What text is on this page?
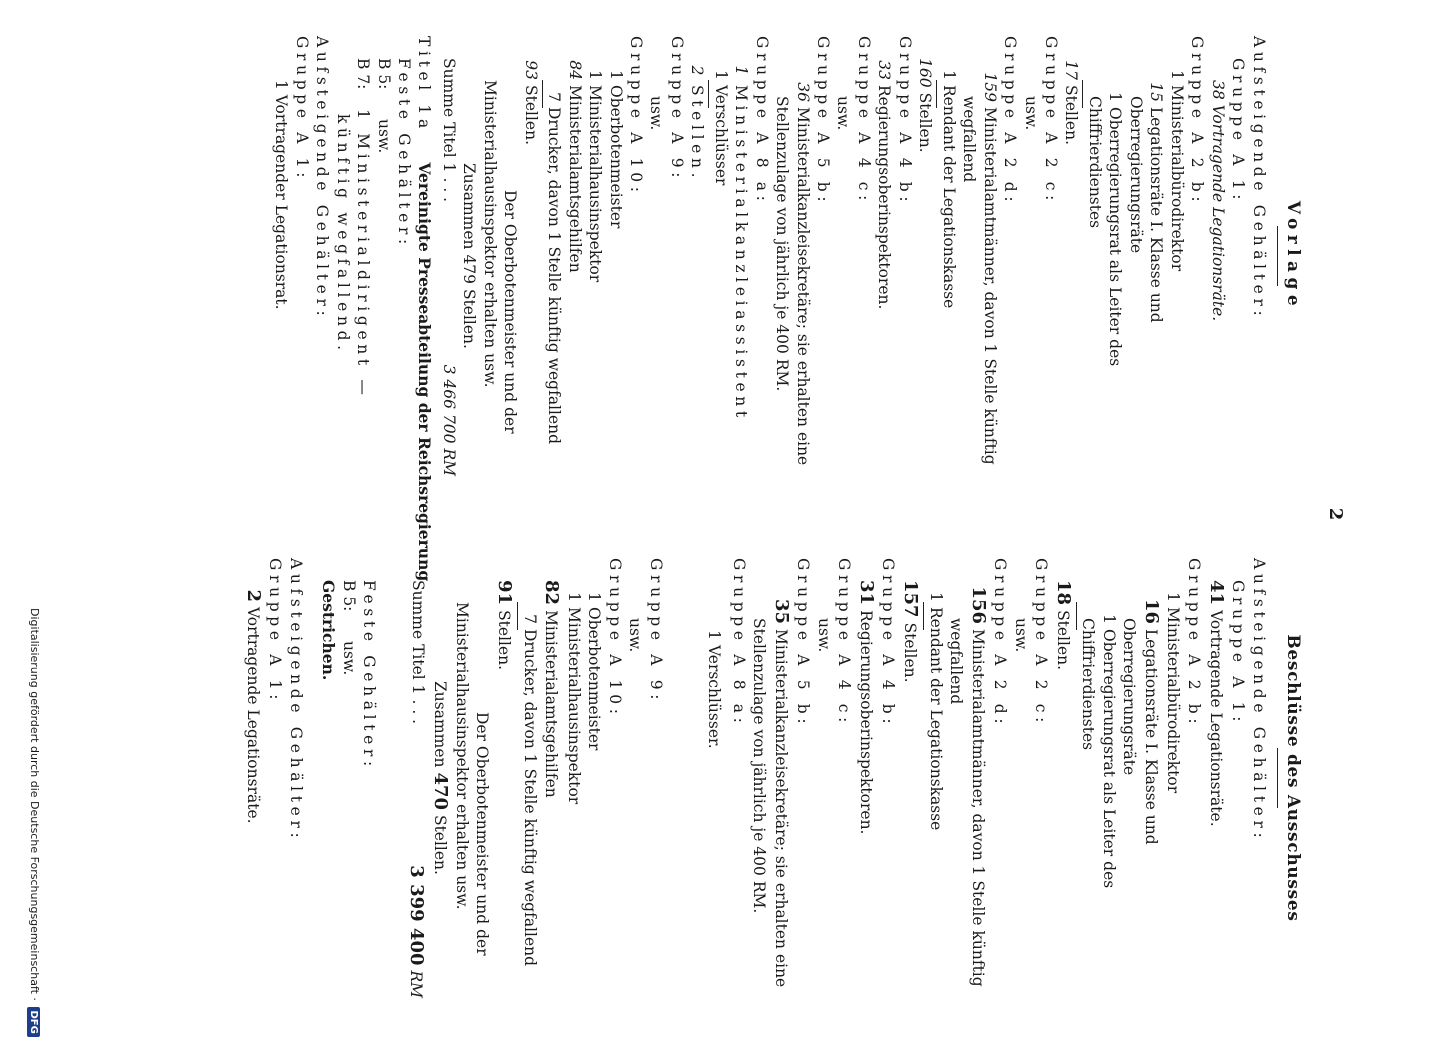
2
Vorlage
Aufsteigende Gehälter:
Gruppe A 1:
38 Vortragende Legationsräte.
Gruppe A 2 b:
1Ministerialbürodirektor
15Legationsräte I. Klasse und Oberregierungsräte
1Oberregierungsrat als Leiter des Chiffrierdienstes
17Stellen.
Gruppe A 2 c:
usw.
Gruppe A 2 d:
159Ministerialamtmänner, davon 1 Stelle künftig wegfallend
1Rendant der Legationskasse
160Stellen.
Gruppe A 4 b:
33Regierungsoberinspektoren.
Gruppe A 4 c:
usw.
Gruppe A 5 b:
36Ministerialkanzleisekretäre; sie erhalten eine Stellenzulage von jährlich je 400 RM.
Gruppe A 8 a:
1Ministerialkanzleiassistent
1Verschlüsser
2Stellen.
Gruppe A 9:
usw.
Gruppe A 10:
1Oberbotenmeister
1Ministerialhausinspektor
84Ministerialamtsgehilfen
7Drucker, davon 1 Stelle künftig wegfallend
93Stellen.
Der Oberbotenmeister und der Ministerialhausinspektor erhalten usw.
Zusammen 479 Stellen.
Summe Titel 1 . . .
3 466 700 RM
Titel 1a      Vereinigte Presseabteilung der Reichsregierung
Feste Gehälter:
B 5:      usw.
B 7:    1 Ministerialdirigent — künftig wegfallend.
Aufsteigende Gehälter:
Gruppe A 1:
1 Vortragender Legationsrat.
Beschlüsse des Ausschusses
Aufsteigende Gehälter:
Gruppe A 1:
41Vortragende Legationsräte.
Gruppe A 2 b:
1Ministerialbürodirektor
16Legationsräte I. Klasse und Oberregierungsräte
1Oberregierungsrat als Leiter des Chiffrierdienstes
18Stellen.
Gruppe A 2 c:
usw.
Gruppe A 2 d:
156Ministerialamtmänner, davon 1 Stelle künftig wegfallend
1Rendant der Legationskasse
157Stellen.
Gruppe A 4 b:
31Regierungsoberinspektoren.
Gruppe A 4 c:
usw.
Gruppe A 5 b:
35Ministerialkanzleisekretäre; sie erhalten eine Stellenzulage von jährlich je 400 RM.
Gruppe A 8 a:
1Verschlüsser.
Gruppe A 9:
usw.
Gruppe A 10:
1Oberbotenmeister
1Ministerialhausinspektor
82Ministerialamtsgehilfen
7Drucker, davon 1 Stelle künftig wegfallend
91Stellen.
Der Oberbotenmeister und der Ministerialhausinspektor erhalten usw.
Zusammen 470 Stellen.
Summe Titel 1 . . .
3 399 400 RM
Feste Gehälter:
B 5:      usw.
Gestrichen.
Aufsteigende Gehälter:
Gruppe A 1:
2Vortragende Legationsräte.
Digitalisierung gefördert durch die Deutsche Forschungsgemeinschaft · DFG
